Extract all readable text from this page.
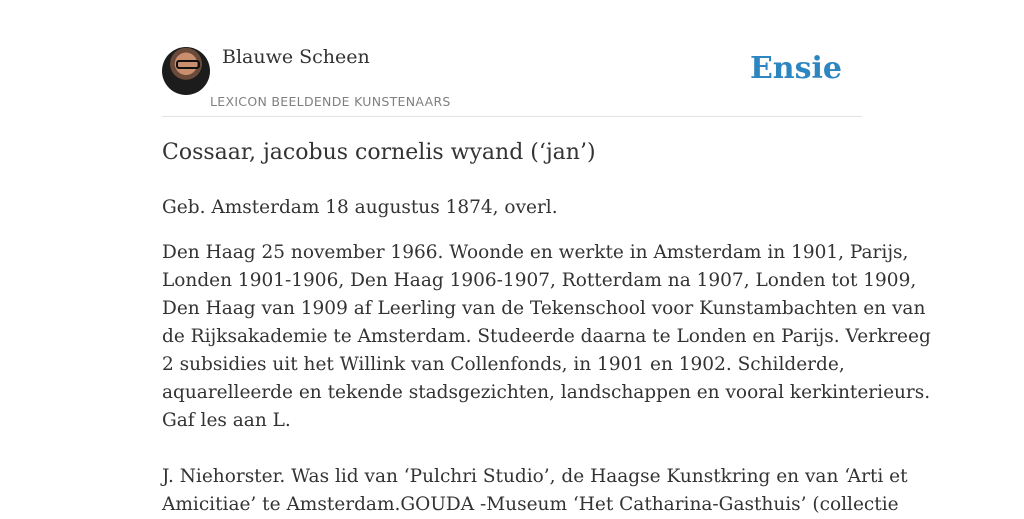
Blauwe Scheen
LEXICON BEELDENDE KUNSTENAARS
Ensie
Cossaar, jacobus cornelis wyand (‘jan’)
Geb. Amsterdam 18 augustus 1874, overl.
Den Haag 25 november 1966. Woonde en werkte in Amsterdam in 1901, Parijs,
Londen 1901-1906, Den Haag 1906-1907, Rotterdam na 1907, Londen tot 1909,
Den Haag van 1909 af Leerling van de Tekenschool voor Kunstambachten en van
de Rijksakademie te Amsterdam. Studeerde daarna te Londen en Parijs. Verkreeg
2 subsidies uit het Willink van Collenfonds, in 1901 en 1902. Schilderde,
aquarelleerde en tekende stadsgezichten, landschappen en vooral kerkinterieurs.
Gaf les aan L.
J. Niehorster. Was lid van ‘Pulchri Studio’, de Haagse Kunstkring en van ‘Arti et
Amicitiae’ te Amsterdam.GOUDA -Museum ‘Het Catharina-Gasthuis’ (collectie
